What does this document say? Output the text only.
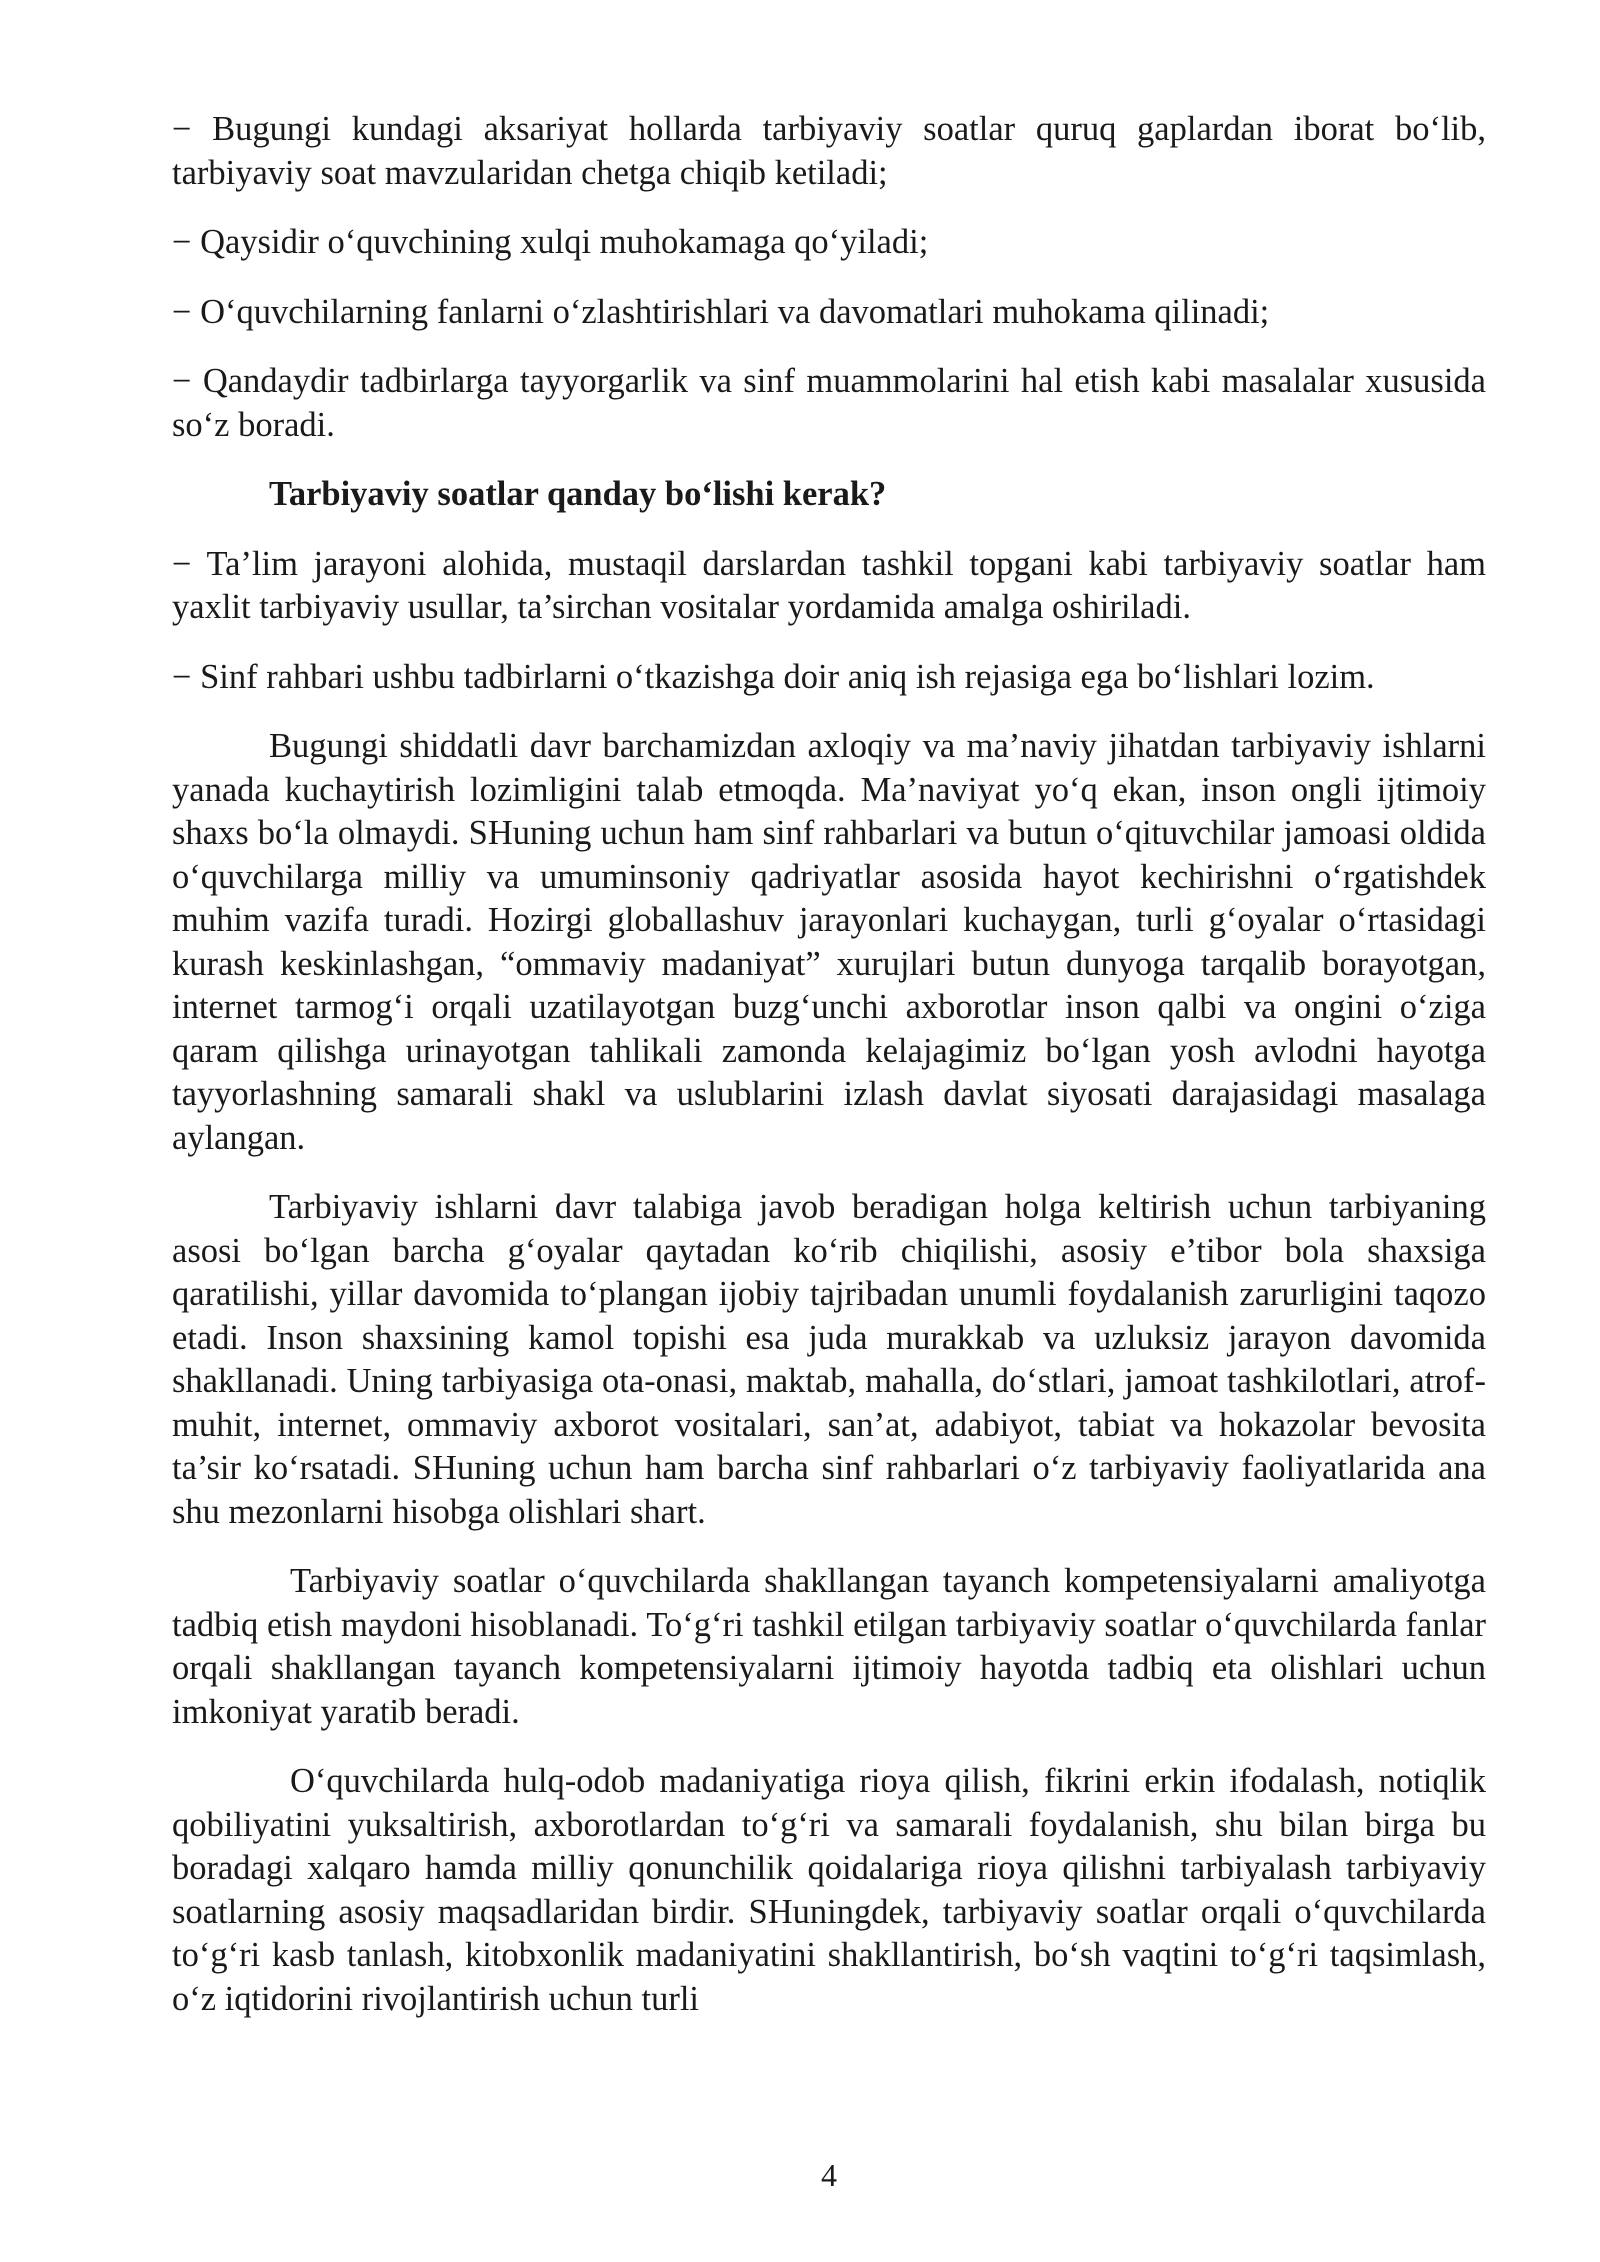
− Bugungi kundagi aksariyat hollarda tarbiyaviy soatlar quruq gaplardan iborat bo‘lib, tarbiyaviy soat mavzularidan chetga chiqib ketiladi;

− Qaysidir o‘quvchining xulqi muhokamaga qo‘yiladi;

− O‘quvchilarning fanlarni o‘zlashtirishlari va davomatlari muhokama qilinadi;

− Qandaydir tadbirlarga tayyorgarlik va sinf muammolarini hal etish kabi masalalar xususida so‘z boradi.

Tarbiyaviy soatlar qanday bo‘lishi kerak?

− Ta’lim jarayoni alohida, mustaqil darslardan tashkil topgani kabi tarbiyaviy soatlar ham yaxlit tarbiyaviy usullar, ta’sirchan vositalar yordamida amalga oshiriladi.

− Sinf rahbari ushbu tadbirlarni o‘tkazishga doir aniq ish rejasiga ega bo‘lishlari lozim.

Bugungi shiddatli davr barchamizdan axloqiy va ma’naviy jihatdan tarbiyaviy ishlarni yanada kuchaytirish lozimligini talab etmoqda. Ma’naviyat yo‘q ekan, inson ongli ijtimoiy shaxs bo‘la olmaydi. SHuning uchun ham sinf rahbarlari va butun o‘qituvchilar jamoasi oldida o‘quvchilarga milliy va umuminsoniy qadriyatlar asosida hayot kechirishni o‘rgatishdek muhim vazifa turadi. Hozirgi globallashuv jarayonlari kuchaygan, turli g‘oyalar o‘rtasidagi kurash keskinlashgan, “ommaviy madaniyat” xurujlari butun dunyoga tarqalib borayotgan, internet tarmog‘i orqali uzatilayotgan buzg‘unchi axborotlar inson qalbi va ongini o‘ziga qaram qilishga urinayotgan tahlikali zamonda kelajagimiz bo‘lgan yosh avlodni hayotga tayyorlashning samarali shakl va uslublarini izlash davlat siyosati darajasidagi masalaga aylangan.

Tarbiyaviy ishlarni davr talabiga javob beradigan holga keltirish uchun tarbiyaning asosi bo‘lgan barcha g‘oyalar qaytadan ko‘rib chiqilishi, asosiy e’tibor bola shaxsiga qaratilishi, yillar davomida to‘plangan ijobiy tajribadan unumli foydalanish zarurligini taqozo etadi. Inson shaxsining kamol topishi esa juda murakkab va uzluksiz jarayon davomida shakllanadi. Uning tarbiyasiga ota-onasi, maktab, mahalla, do‘stlari, jamoat tashkilotlari, atrof-muhit, internet, ommaviy axborot vositalari, san’at, adabiyot, tabiat va hokazolar bevosita ta’sir ko‘rsatadi. SHuning uchun ham barcha sinf rahbarlari o‘z tarbiyaviy faoliyatlarida ana shu mezonlarni hisobga olishlari shart.

Tarbiyaviy soatlar o‘quvchilarda shakllangan tayanch kompetensiyalarni amaliyotga tadbiq etish maydoni hisoblanadi. To‘g‘ri tashkil etilgan tarbiyaviy soatlar o‘quvchilarda fanlar orqali shakllangan tayanch kompetensiyalarni ijtimoiy hayotda tadbiq eta olishlari uchun imkoniyat yaratib beradi.

O‘quvchilarda hulq-odob madaniyatiga rioya qilish, fikrini erkin ifodalash, notiqlik qobiliyatini yuksaltirish, axborotlardan to‘g‘ri va samarali foydalanish, shu bilan birga bu boradagi xalqaro hamda milliy qonunchilik qoidalariga rioya qilishni tarbiyalash tarbiyaviy soatlarning asosiy maqsadlaridan birdir. SHuningdek, tarbiyaviy soatlar orqali o‘quvchilarda to‘g‘ri kasb tanlash, kitobxonlik madaniyatini shakllantirish, bo‘sh vaqtini to‘g‘ri taqsimlash, o‘z iqtidorini rivojlantirish uchun turli

4
